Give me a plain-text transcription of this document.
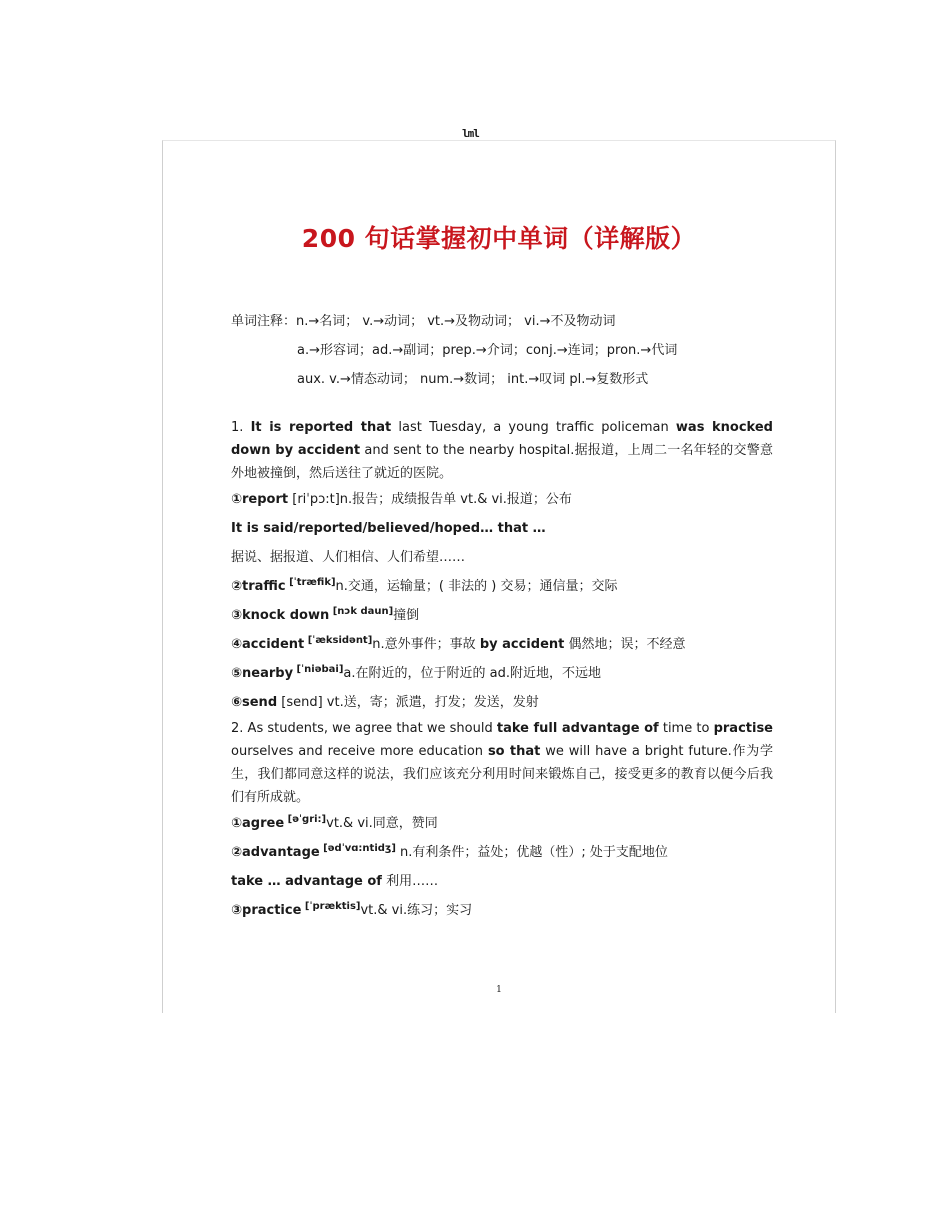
lml
200 句话掌握初中单词（详解版）

单词注释：n.→名词； v.→动词； vt.→及物动词； vi.→不及物动词

a.→形容词；ad.→副词；prep.→介词；conj.→连词；pron.→代词

aux. v.→情态动词； num.→数词； int.→叹词 pl.→复数形式

1. It is reported that last Tuesday, a young traffic policeman was knocked down by accident and sent to the nearby hospital.据报道，上周二一名年轻的交警意外地被撞倒，然后送往了就近的医院。

①report [riˈpɔ:t]n.报告；成绩报告单 vt.& vi.报道；公布

It is said/reported/believed/hoped… that …

据说、据报道、人们相信、人们希望……

②traffic [ˈtræfik]n.交通，运输量；( 非法的 ) 交易；通信量；交际

③knock down [nɔk daun]撞倒

④accident [ˈæksidənt]n.意外事件；事故 by accident 偶然地；误；不经意

⑤nearby [ˈniəbai]a.在附近的，位于附近的 ad.附近地，不远地

⑥send [send] vt.送，寄；派遣，打发；发送，发射

2. As students, we agree that we should take full advantage of time to practise ourselves and receive more education so that we will have a bright future.作为学生，我们都同意这样的说法，我们应该充分利用时间来锻炼自己，接受更多的教育以便今后我们有所成就。

①agree [əˈgri:]vt.& vi.同意，赞同

②advantage [ədˈvɑ:ntidʒ] n.有利条件；益处；优越（性）; 处于支配地位

take … advantage of 利用……

③practice [ˈpræktis]vt.& vi.练习；实习

1
